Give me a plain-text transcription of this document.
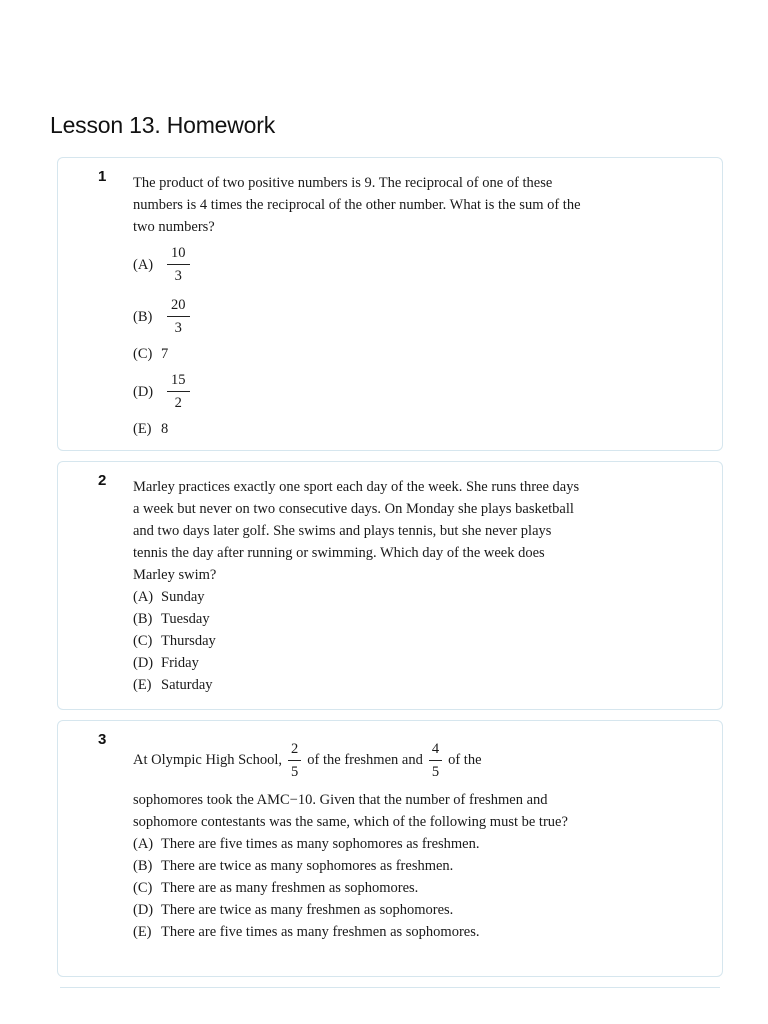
Lesson 13. Homework
1 The product of two positive numbers is 9. The reciprocal of one of these numbers is 4 times the reciprocal of the other number. What is the sum of the two numbers?

$(A) \frac{10}{3}$
(B)	$\frac{20}{3}$
(C) 7
$(D) \frac{15}{2}$
(E) 8
2 Marley practices exactly one sport each day of the week. She runs three days a week but never on two consecutive days. On Monday she plays basketball and two days later golf. She swims and plays tennis, but she never plays tennis the day after running or swimming. Which day of the week does Marley swim?

(A) Sunday
(B) Tuesday
(C) Thursday
(D) Friday
(E) Saturday
3
At Olympic High School, $\frac{2}{5}$ of the freshmen and $\frac{4}{5}$ of the

sophomores took the AMC−10. Given that the number of freshmen and sophomore contestants was the same, which of the following must be true?

(A) There are five times as many sophomores as freshmen.
(B) There are twice as many sophomores as freshmen.
(C) There are as many freshmen as sophomores.
(D) There are twice as many freshmen as sophomores.
(E) There are five times as many freshmen as sophomores.
